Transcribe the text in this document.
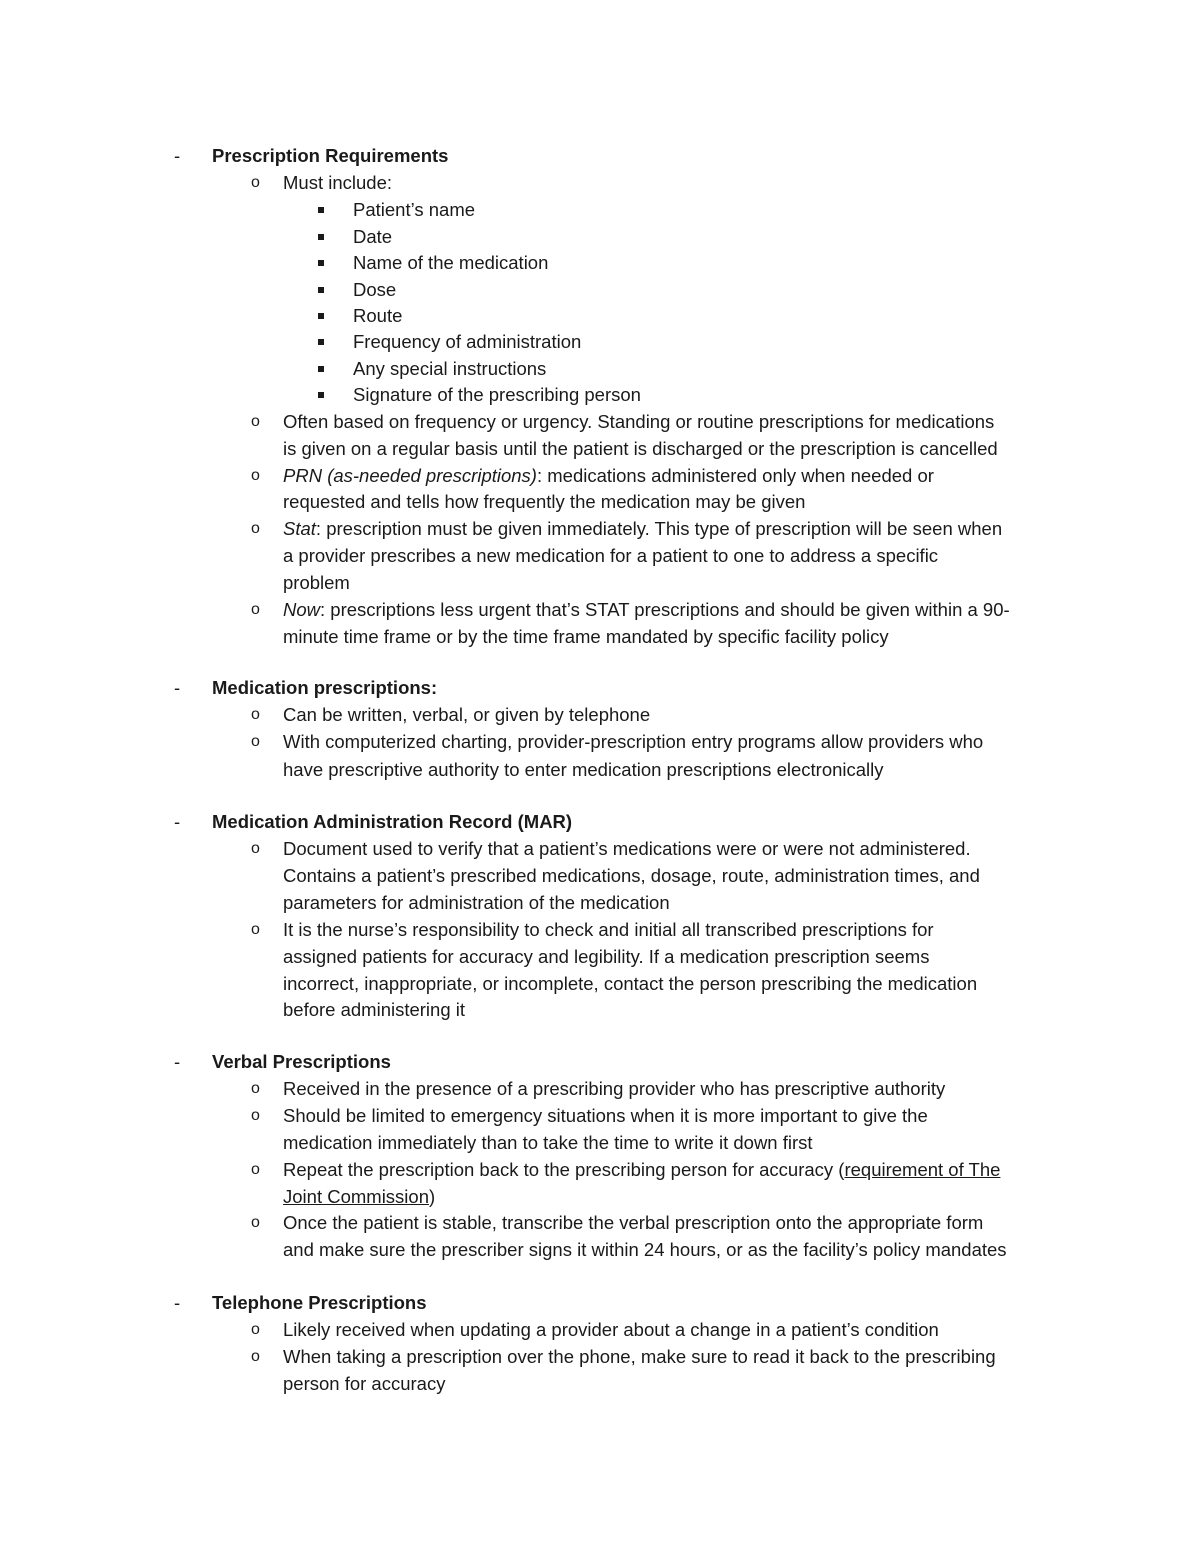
- Prescription Requirements
o Must include:
Patient’s name
Date
Name of the medication
Dose
Route
Frequency of administration
Any special instructions
Signature of the prescribing person
o Often based on frequency or urgency. Standing or routine prescriptions for medications
is given on a regular basis until the patient is discharged or the prescription is cancelled
o PRN (as-needed prescriptions): medications administered only when needed or
requested and tells how frequently the medication may be given
o Stat: prescription must be given immediately. This type of prescription will be seen when
a provider prescribes a new medication for a patient to one to address a specific
problem
o Now: prescriptions less urgent that’s STAT prescriptions and should be given within a 90-
minute time frame or by the time frame mandated by specific facility policy
- Medication prescriptions:
o Can be written, verbal, or given by telephone
o With computerized charting, provider-prescription entry programs allow providers who
have prescriptive authority to enter medication prescriptions electronically
- Medication Administration Record (MAR)
o Document used to verify that a patient’s medications were or were not administered.
Contains a patient’s prescribed medications, dosage, route, administration times, and
parameters for administration of the medication
o It is the nurse’s responsibility to check and initial all transcribed prescriptions for
assigned patients for accuracy and legibility. If a medication prescription seems
incorrect, inappropriate, or incomplete, contact the person prescribing the medication
before administering it
- Verbal Prescriptions
o Received in the presence of a prescribing provider who has prescriptive authority
o Should be limited to emergency situations when it is more important to give the
medication immediately than to take the time to write it down first
o Repeat the prescription back to the prescribing person for accuracy (requirement of The
Joint Commission)
o Once the patient is stable, transcribe the verbal prescription onto the appropriate form
and make sure the prescriber signs it within 24 hours, or as the facility’s policy mandates
- Telephone Prescriptions
o Likely received when updating a provider about a change in a patient’s condition
o When taking a prescription over the phone, make sure to read it back to the prescribing
person for accuracy
